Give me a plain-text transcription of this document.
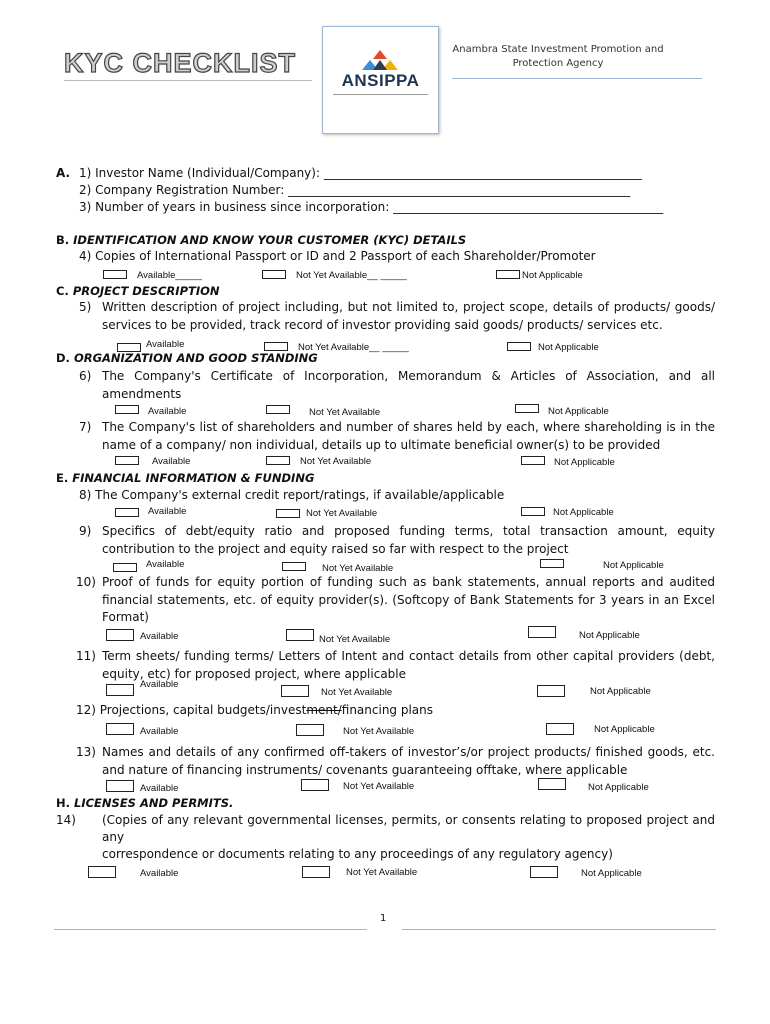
KYC CHECKLIST
ANSIPPA
Anambra State Investment Promotion and
Protection Agency
A. 1) Investor Name (Individual/Company): _____________________________________________________
2) Company Registration Number: _________________________________________________________
3) Number of years in business since incorporation: _____________________________________________
B. IDENTIFICATION AND KNOW YOUR CUSTOMER (KYC) DETAILS
4) Copies of International Passport or ID and 2 Passport of each Shareholder/Promoter
Available_____	Not Yet Available__ _____	Not Applicable
C. PROJECT DESCRIPTION
5) Written description of project including, but not limited to, project scope, details of products/ goods/ services to be provided, track record of investor providing said goods/ products/ services etc.
Available	Not Yet Available__ _____	Not Applicable
D. ORGANIZATION AND GOOD STANDING
6) The Company's Certificate of Incorporation, Memorandum & Articles of Association, and all amendments
Available	Not Yet Available	Not Applicable
7) The Company's list of shareholders and number of shares held by each, where shareholding is in the name of a company/ non individual, details up to ultimate beneficial owner(s) to be provided
Available	Not Yet Available	Not Applicable
E. FINANCIAL INFORMATION & FUNDING
8) The Company's external credit report/ratings, if available/applicable
Available	Not Yet Available	Not Applicable
9) Specifics of debt/equity ratio and proposed funding terms, total transaction amount, equity contribution to the project and equity raised so far with respect to the project
Available	Not Yet Available	Not Applicable
10) Proof of funds for equity portion of funding such as bank statements, annual reports and audited financial statements, etc. of equity provider(s). (Softcopy of Bank Statements for 3 years in an Excel Format)
Available	Not Yet Available	Not Applicable
11) Term sheets/ funding terms/ Letters of Intent and contact details from other capital providers (debt, equity, etc) for proposed project, where applicable
Available
Not Yet Available	Not Applicable
12) Projections, capital budgets/investment/financing plans
Available	Not Yet Available	Not Applicable
13) Names and details of any confirmed off-takers of investor’s/or project products/ finished goods, etc. and nature of financing instruments/ covenants guaranteeing offtake, where applicable
Available	Not Yet Available	Not Applicable
H. LICENSES AND PERMITS.
14) (Copies of any relevant governmental licenses, permits, or consents relating to proposed project and
any
correspondence or documents relating to any proceedings of any regulatory agency)
Available	Not Yet Available	Not Applicable
1
